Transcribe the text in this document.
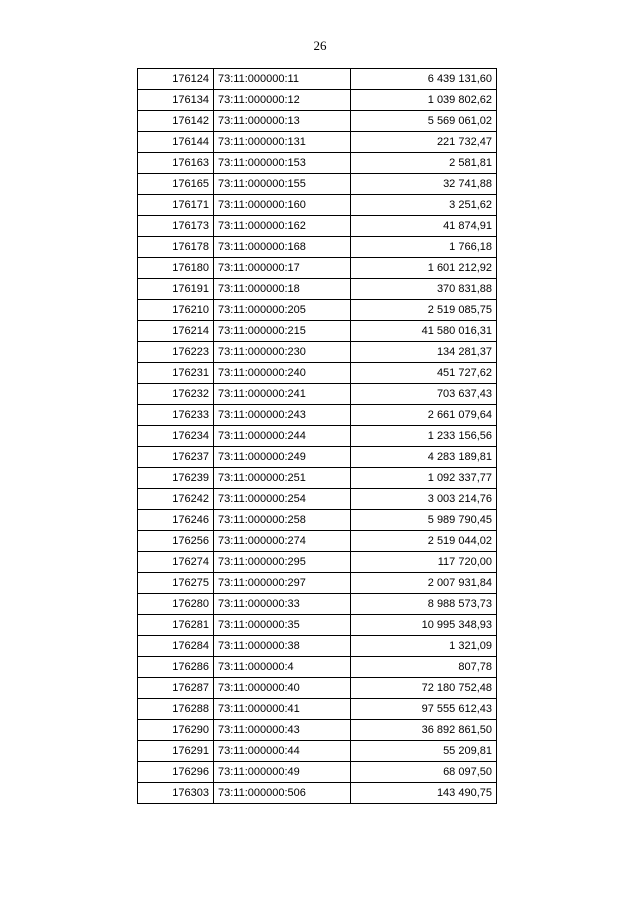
26
176124	73:11:000000:11	6 439 131,60
176134	73:11:000000:12	1 039 802,62
176142	73:11:000000:13	5 569 061,02
176144	73:11:000000:131	221 732,47
176163	73:11:000000:153	2 581,81
176165	73:11:000000:155	32 741,88
176171	73:11:000000:160	3 251,62
176173	73:11:000000:162	41 874,91
176178	73:11:000000:168	1 766,18
176180	73:11:000000:17	1 601 212,92
176191	73:11:000000:18	370 831,88
176210	73:11:000000:205	2 519 085,75
176214	73:11:000000:215	41 580 016,31
176223	73:11:000000:230	134 281,37
176231	73:11:000000:240	451 727,62
176232	73:11:000000:241	703 637,43
176233	73:11:000000:243	2 661 079,64
176234	73:11:000000:244	1 233 156,56
176237	73:11:000000:249	4 283 189,81
176239	73:11:000000:251	1 092 337,77
176242	73:11:000000:254	3 003 214,76
176246	73:11:000000:258	5 989 790,45
176256	73:11:000000:274	2 519 044,02
176274	73:11:000000:295	117 720,00
176275	73:11:000000:297	2 007 931,84
176280	73:11:000000:33	8 988 573,73
176281	73:11:000000:35	10 995 348,93
176284	73:11:000000:38	1 321,09
176286	73:11:000000:4	807,78
176287	73:11:000000:40	72 180 752,48
176288	73:11:000000:41	97 555 612,43
176290	73:11:000000:43	36 892 861,50
176291	73:11:000000:44	55 209,81
176296	73:11:000000:49	68 097,50
176303	73:11:000000:506	143 490,75
